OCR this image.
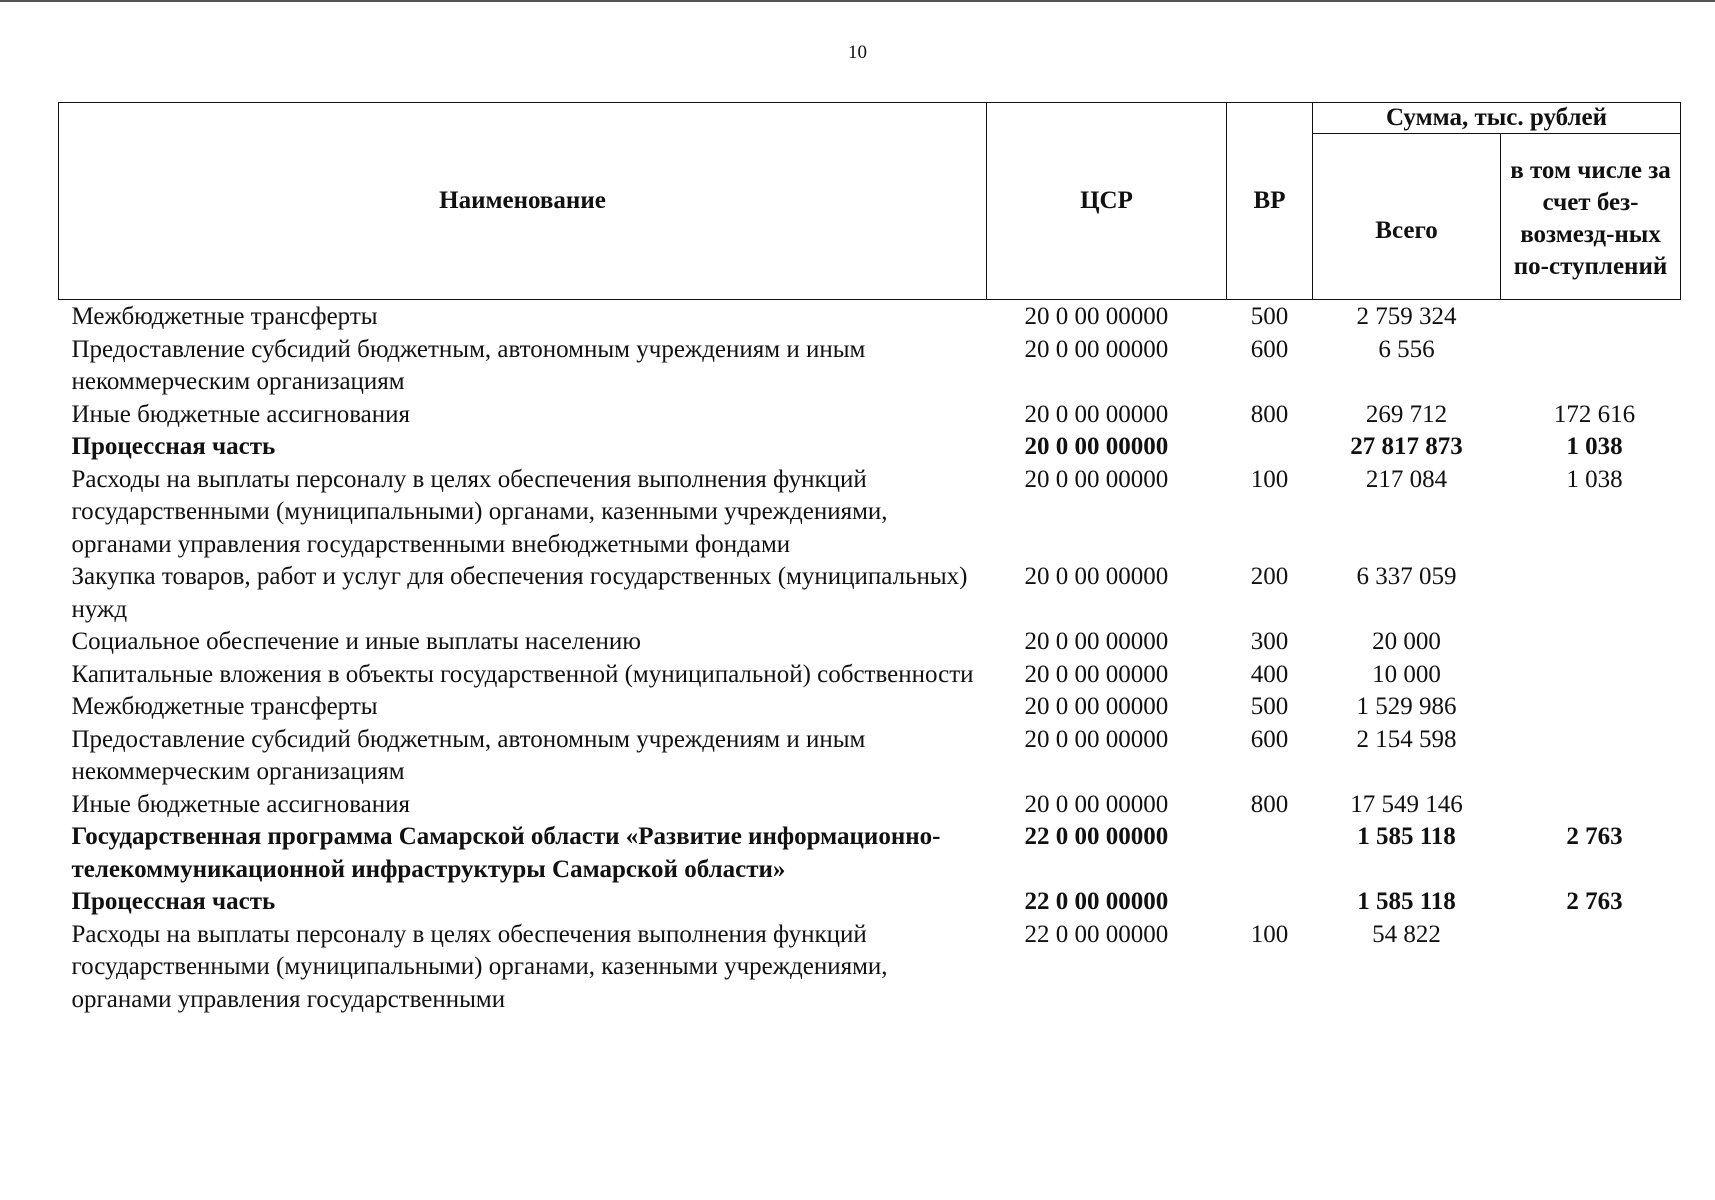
10
Наименование	ЦСР	ВР	Сумма, тыс. рублей	
			Всего	в том числе за счет без-возмезд-ных по-ступлений
Межбюджетные трансферты	20 0 00 00000	500	2 759 324	
Предоставление субсидий бюджетным, автономным учреждениям и иным некоммерческим организациям	20 0 00 00000	600	6 556	
Иные бюджетные ассигнования	20 0 00 00000	800	269 712	172 616
Процессная часть	20 0 00 00000		27 817 873	1 038
Расходы на выплаты персоналу в целях обеспечения выполнения функций государственными (муниципальными) органами, казенными учреждениями, органами управления государственными внебюджетными фондами	20 0 00 00000	100	217 084	1 038
Закупка товаров, работ и услуг для обеспечения государственных (муниципальных) нужд	20 0 00 00000	200	6 337 059	
Социальное обеспечение и иные выплаты населению	20 0 00 00000	300	20 000	
Капитальные вложения в объекты государственной (муниципальной) собственности	20 0 00 00000	400	10 000	
Межбюджетные трансферты	20 0 00 00000	500	1 529 986	
Предоставление субсидий бюджетным, автономным учреждениям и иным некоммерческим организациям	20 0 00 00000	600	2 154 598	
Иные бюджетные ассигнования	20 0 00 00000	800	17 549 146	
Государственная программа Самарской области «Развитие информационно-телекоммуникационной инфраструктуры Самарской области»	22 0 00 00000		1 585 118	2 763
Процессная часть	22 0 00 00000		1 585 118	2 763
Расходы на выплаты персоналу в целях обеспечения выполнения функций государственными (муниципальными) органами, казенными учреждениями, органами управления государственными	22 0 00 00000	100	54 822	
